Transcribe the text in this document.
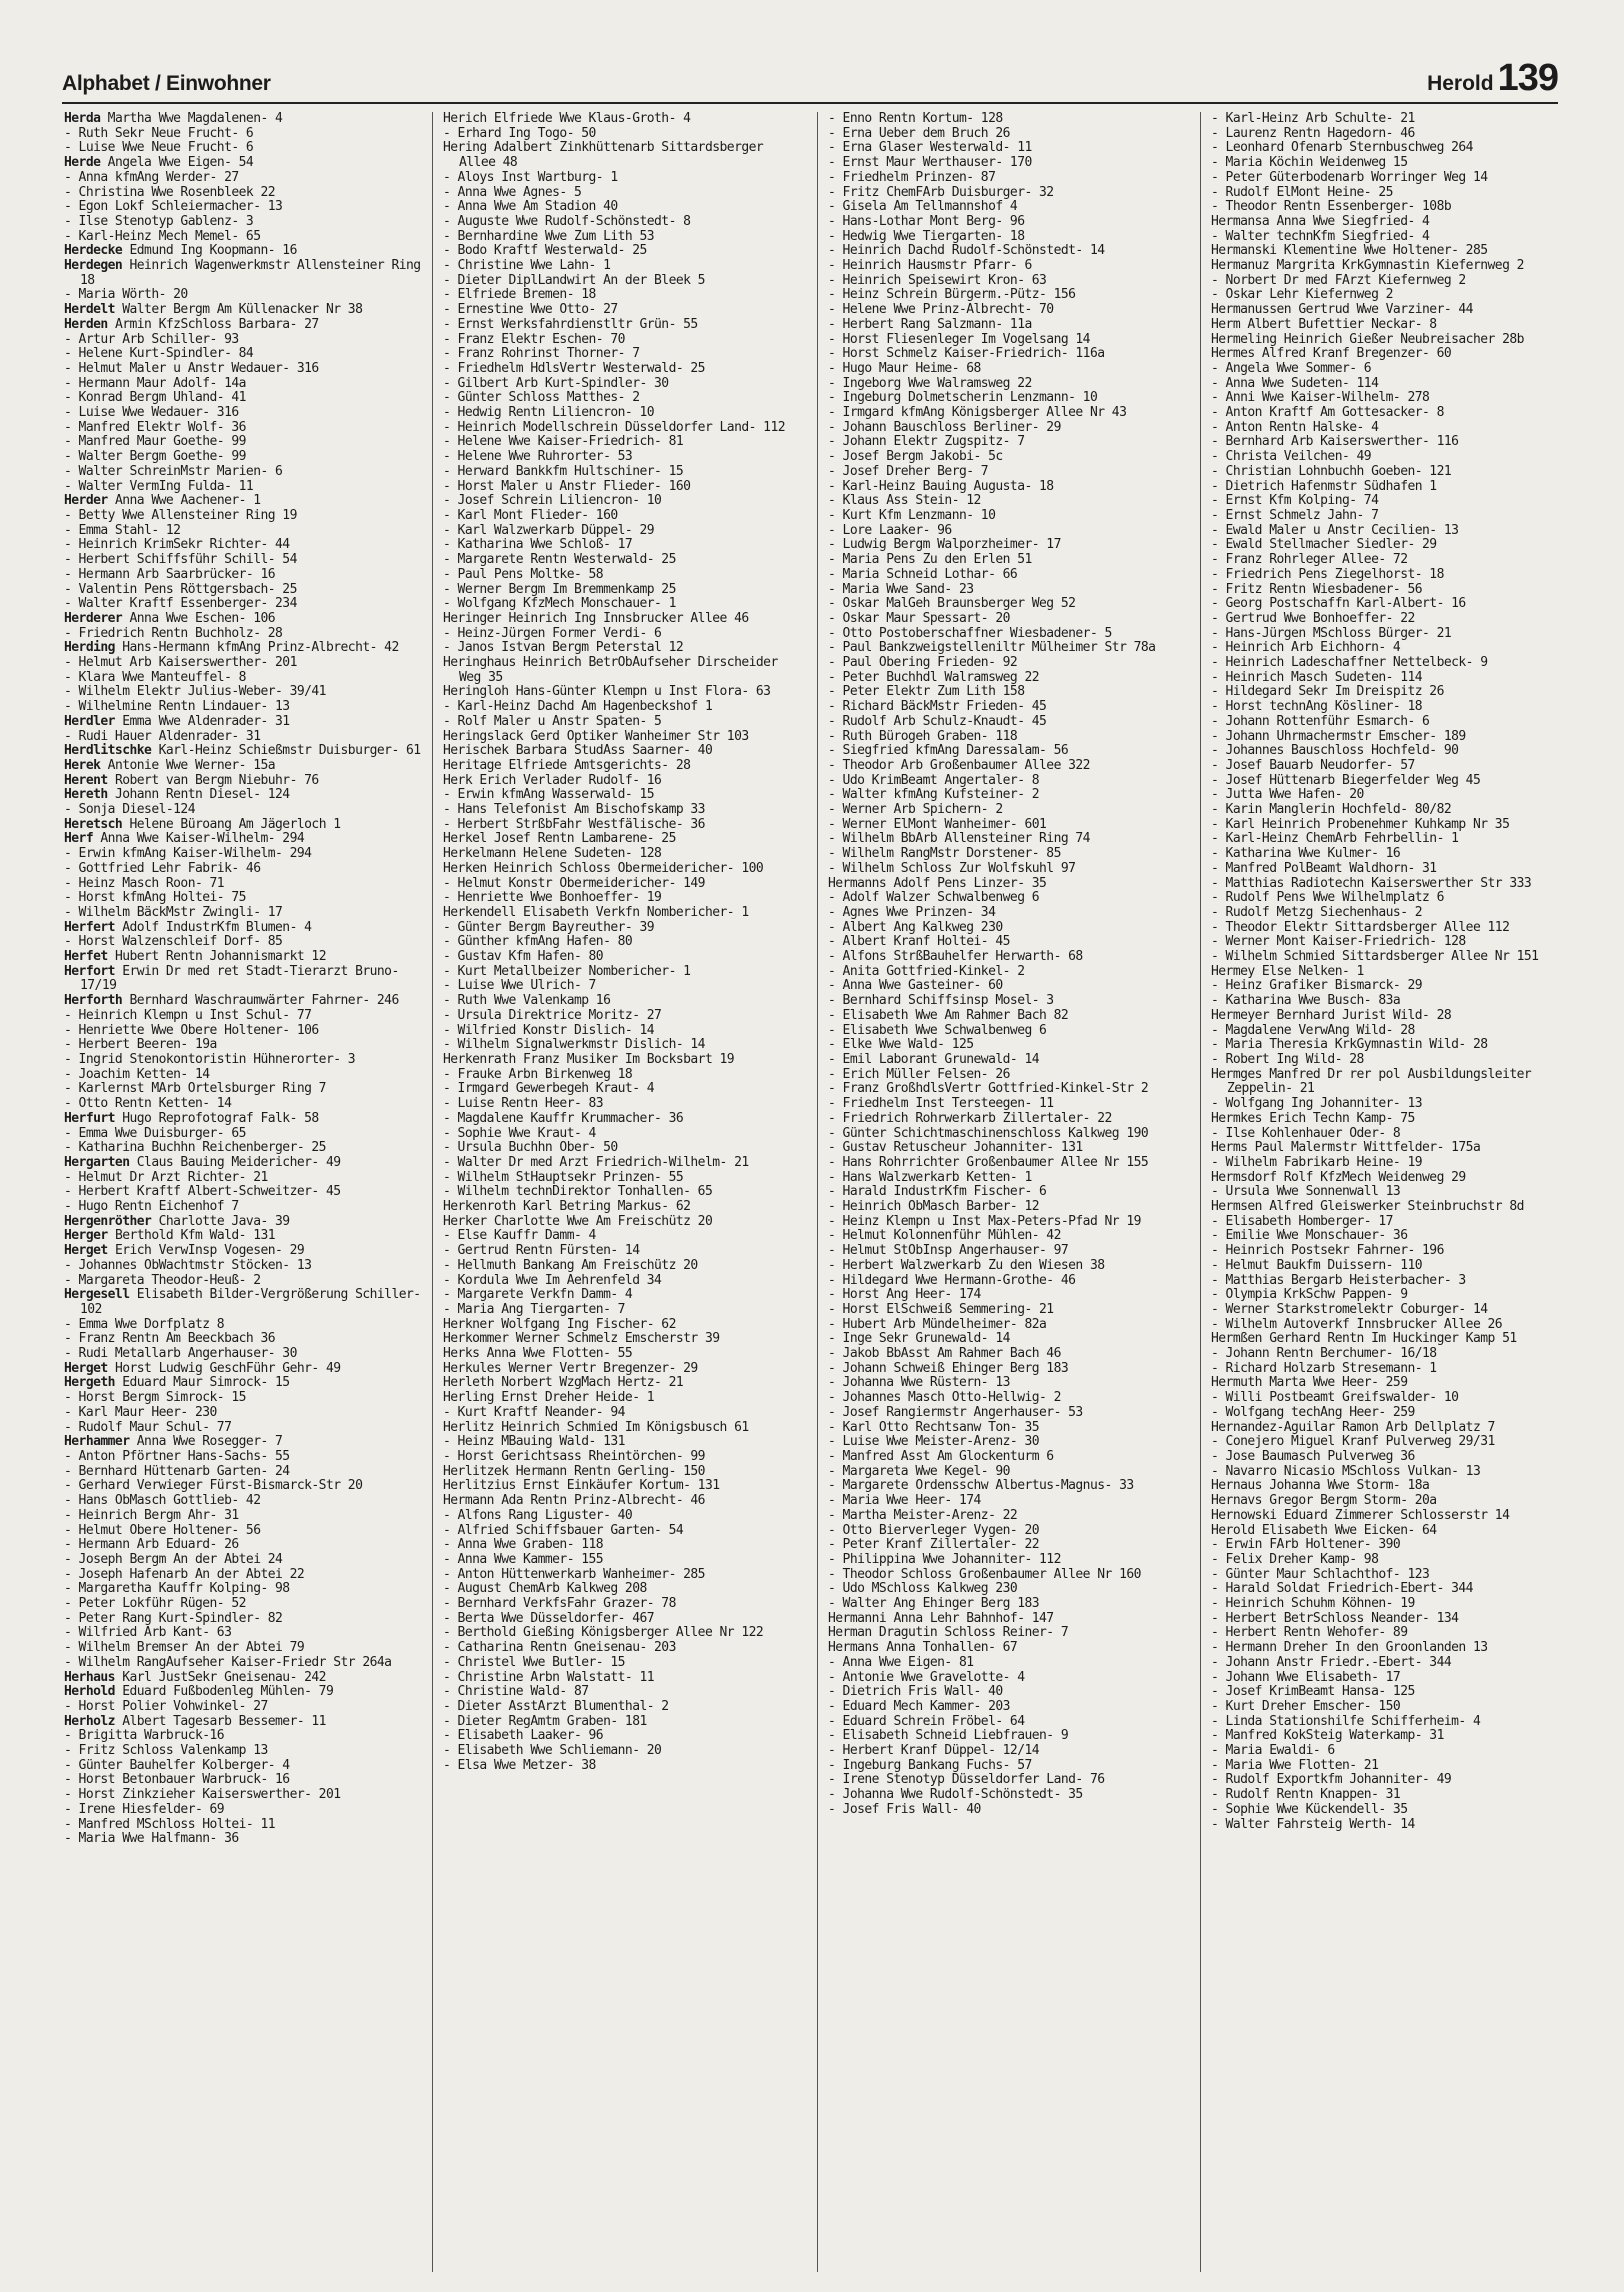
Alphabet / Einwohner	Herold 139

Herda Martha Wwe Magdalenen- 4

- Ruth Sekr Neue Frucht- 6

- Luise Wwe Neue Frucht- 6

Herde Angela Wwe Eigen- 54

- Anna kfmAng Werder- 27

- Christina Wwe Rosenbleek 22

- Egon Lokf Schleiermacher- 13

- Ilse Stenotyp Gablenz- 3

- Karl-Heinz Mech Memel- 65

Herdecke Edmund Ing Koopmann- 16

Herdegen Heinrich Wagenwerkmstr Allensteiner Ring 18

- Maria Wörth- 20

Herdelt Walter Bergm Am Küllenacker Nr 38

Herden Armin KfzSchloss Barbara- 27

- Artur Arb Schiller- 93

- Helene Kurt-Spindler- 84

- Helmut Maler u Anstr Wedauer- 316

- Hermann Maur Adolf- 14a

- Konrad Bergm Uhland- 41

- Luise Wwe Wedauer- 316

- Manfred Elektr Wolf- 36

- Manfred Maur Goethe- 99

- Walter Bergm Goethe- 99

- Walter SchreinMstr Marien- 6

- Walter VermIng Fulda- 11

Herder Anna Wwe Aachener- 1

- Betty Wwe Allensteiner Ring 19

- Emma Stahl- 12

- Heinrich KrimSekr Richter- 44

- Herbert Schiffsführ Schill- 54

- Hermann Arb Saarbrücker- 16

- Valentin Pens Röttgersbach- 25

- Walter Kraftf Essenberger- 234

Herderer Anna Wwe Eschen- 106

- Friedrich Rentn Buchholz- 28

Herding Hans-Hermann kfmAng Prinz-Albrecht- 42

- Helmut Arb Kaiserswerther- 201

- Klara Wwe Manteuffel- 8

- Wilhelm Elektr Julius-Weber- 39/41

- Wilhelmine Rentn Lindauer- 13

Herdler Emma Wwe Aldenrader- 31

- Rudi Hauer Aldenrader- 31

Herdlitschke Karl-Heinz Schießmstr Duisburger- 61

Herek Antonie Wwe Werner- 15a

Herent Robert van Bergm Niebuhr- 76

Hereth Johann Rentn Diesel- 124

- Sonja Diesel-124

Heretsch Helene Büroang Am Jägerloch 1

Herf Anna Wwe Kaiser-Wilhelm- 294

- Erwin kfmAng Kaiser-Wilhelm- 294

- Gottfried Lehr Fabrik- 46

- Heinz Masch Roon- 71

- Horst kfmAng Holtei- 75

- Wilhelm BäckMstr Zwingli- 17

Herfert Adolf IndustrKfm Blumen- 4

- Horst Walzenschleif Dorf- 85

Herfet Hubert Rentn Johannismarkt 12

Herfort Erwin Dr med ret Stadt-Tierarzt Bruno- 17/19

Herforth Bernhard Waschraumwärter Fahrner- 246

- Heinrich Klempn u Inst Schul- 77

- Henriette Wwe Obere Holtener- 106

- Herbert Beeren- 19a

- Ingrid Stenokontoristin Hühnerorter- 3

- Joachim Ketten- 14

- Karlernst MArb Ortelsburger Ring 7

- Otto Rentn Ketten- 14

Herfurt Hugo Reprofotograf Falk- 58

- Emma Wwe Duisburger- 65

- Katharina Buchhn Reichenberger- 25

Hergarten Claus Bauing Meidericher- 49

- Helmut Dr Arzt Richter- 21

- Herbert Kraftf Albert-Schweitzer- 45

- Hugo Rentn Eichenhof 7

Hergenröther Charlotte Java- 39

Herger Berthold Kfm Wald- 131

Herget Erich VerwInsp Vogesen- 29

- Johannes ObWachtmstr Stöcken- 13

- Margareta Theodor-Heuß- 2

Hergesell Elisabeth Bilder-Vergrößerung Schiller- 102

- Emma Wwe Dorfplatz 8

- Franz Rentn Am Beeckbach 36

- Rudi Metallarb Angerhauser- 30

Herget Horst Ludwig GeschFühr Gehr- 49

Hergeth Eduard Maur Simrock- 15

- Horst Bergm Simrock- 15

- Karl Maur Heer- 230

- Rudolf Maur Schul- 77

Herhammer Anna Wwe Rosegger- 7

- Anton Pförtner Hans-Sachs- 55

- Bernhard Hüttenarb Garten- 24

- Gerhard Verwieger Fürst-Bismarck-Str 20

- Hans ObMasch Gottlieb- 42

- Heinrich Bergm Ahr- 31

- Helmut Obere Holtener- 56

- Hermann Arb Eduard- 26

- Joseph Bergm An der Abtei 24

- Joseph Hafenarb An der Abtei 22

- Margaretha Kauffr Kolping- 98

- Peter Lokführ Rügen- 52

- Peter Rang Kurt-Spindler- 82

- Wilfried Arb Kant- 63

- Wilhelm Bremser An der Abtei 79

- Wilhelm RangAufseher Kaiser-Friedr Str 264a

Herhaus Karl JustSekr Gneisenau- 242

Herhold Eduard Fußbodenleg Mühlen- 79

- Horst Polier Vohwinkel- 27

Herholz Albert Tagesarb Bessemer- 11

- Brigitta Warbruck-16

- Fritz Schloss Valenkamp 13

- Günter Bauhelfer Kolberger- 4

- Horst Betonbauer Warbruck- 16

- Horst Zinkzieher Kaiserswerther- 201

- Irene Hiesfelder- 69

- Manfred MSchloss Holtei- 11

- Maria Wwe Halfmann- 36

Herich Elfriede Wwe Klaus-Groth- 4

- Erhard Ing Togo- 50

Hering Adalbert Zinkhüttenarb Sittardsberger Allee 48

- Aloys Inst Wartburg- 1

- Anna Wwe Agnes- 5

- Anna Wwe Am Stadion 40

- Auguste Wwe Rudolf-Schönstedt- 8

- Bernhardine Wwe Zum Lith 53

- Bodo Kraftf Westerwald- 25

- Christine Wwe Lahn- 1

- Dieter DiplLandwirt An der Bleek 5

- Elfriede Bremen- 18

- Ernestine Wwe Otto- 27

- Ernst Werksfahrdienstltr Grün- 55

- Franz Elektr Eschen- 70

- Franz Rohrinst Thorner- 7

- Friedhelm HdlsVertr Westerwald- 25

- Gilbert Arb Kurt-Spindler- 30

- Günter Schloss Matthes- 2

- Hedwig Rentn Liliencron- 10

- Heinrich Modellschrein Düsseldorfer Land- 112

- Helene Wwe Kaiser-Friedrich- 81

- Helene Wwe Ruhrorter- 53

- Herward Bankkfm Hultschiner- 15

- Horst Maler u Anstr Flieder- 160

- Josef Schrein Liliencron- 10

- Karl Mont Flieder- 160

- Karl Walzwerkarb Düppel- 29

- Katharina Wwe Schloß- 17

- Margarete Rentn Westerwald- 25

- Paul Pens Moltke- 58

- Werner Bergm Im Bremmenkamp 25

- Wolfgang KfzMech Monschauer- 1

Heringer Heinrich Ing Innsbrucker Allee 46

- Heinz-Jürgen Former Verdi- 6

- Janos Istvan Bergm Peterstal 12

Heringhaus Heinrich BetrObAufseher Dirscheider Weg 35

Heringloh Hans-Günter Klempn u Inst Flora- 63

- Karl-Heinz Dachd Am Hagenbeckshof 1

- Rolf Maler u Anstr Spaten- 5

Heringslack Gerd Optiker Wanheimer Str 103

Herischek Barbara StudAss Saarner- 40

Heritage Elfriede Amtsgerichts- 28

Herk Erich Verlader Rudolf- 16

- Erwin kfmAng Wasserwald- 15

- Hans Telefonist Am Bischofskamp 33

- Herbert StrßbFahr Westfälische- 36

Herkel Josef Rentn Lambarene- 25

Herkelmann Helene Sudeten- 128

Herken Heinrich Schloss Obermeidericher- 100

- Helmut Konstr Obermeidericher- 149

- Henriette Wwe Bonhoeffer- 19

Herkendell Elisabeth Verkfn Nombericher- 1

- Günter Bergm Bayreuther- 39

- Günther kfmAng Hafen- 80

- Gustav Kfm Hafen- 80

- Kurt Metallbeizer Nombericher- 1

- Luise Wwe Ulrich- 7

- Ruth Wwe Valenkamp 16

- Ursula Direktrice Moritz- 27

- Wilfried Konstr Dislich- 14

- Wilhelm Signalwerkmstr Dislich- 14

Herkenrath Franz Musiker Im Bocksbart 19

- Frauke Arbn Birkenweg 18

- Irmgard Gewerbegeh Kraut- 4

- Luise Rentn Heer- 83

- Magdalene Kauffr Krummacher- 36

- Sophie Wwe Kraut- 4

- Ursula Buchhn Ober- 50

- Walter Dr med Arzt Friedrich-Wilhelm- 21

- Wilhelm StHauptsekr Prinzen- 55

- Wilhelm technDirektor Tonhallen- 65

Herkenroth Karl Betring Markus- 62

Herker Charlotte Wwe Am Freischütz 20

- Else Kauffr Damm- 4

- Gertrud Rentn Fürsten- 14

- Hellmuth Bankang Am Freischütz 20

- Kordula Wwe Im Aehrenfeld 34

- Margarete Verkfn Damm- 4

- Maria Ang Tiergarten- 7

Herkner Wolfgang Ing Fischer- 62

Herkommer Werner Schmelz Emscherstr 39

Herks Anna Wwe Flotten- 55

Herkules Werner Vertr Bregenzer- 29

Herleth Norbert WzgMach Hertz- 21

Herling Ernst Dreher Heide- 1

- Kurt Kraftf Neander- 94

Herlitz Heinrich Schmied Im Königsbusch 61

- Heinz MBauing Wald- 131

- Horst Gerichtsass Rheintörchen- 99

Herlitzek Hermann Rentn Gerling- 150

Herlitzius Ernst Einkäufer Kortum- 131

Hermann Ada Rentn Prinz-Albrecht- 46

- Alfons Rang Liguster- 40

- Alfried Schiffsbauer Garten- 54

- Anna Wwe Graben- 118

- Anna Wwe Kammer- 155

- Anton Hüttenwerkarb Wanheimer- 285

- August ChemArb Kalkweg 208

- Bernhard VerkfsFahr Grazer- 78

- Berta Wwe Düsseldorfer- 467

- Berthold Gießing Königsberger Allee Nr 122

- Catharina Rentn Gneisenau- 203

- Christel Wwe Butler- 15

- Christine Arbn Walstatt- 11

- Christine Wald- 87

- Dieter AsstArzt Blumenthal- 2

- Dieter RegAmtm Graben- 181

- Elisabeth Laaker- 96

- Elisabeth Wwe Schliemann- 20

- Elsa Wwe Metzer- 38

- Enno Rentn Kortum- 128

- Erna Ueber dem Bruch 26

- Erna Glaser Westerwald- 11

- Ernst Maur Werthauser- 170

- Friedhelm Prinzen- 87

- Fritz ChemFArb Duisburger- 32

- Gisela Am Tellmannshof 4

- Hans-Lothar Mont Berg- 96

- Hedwig Wwe Tiergarten- 18

- Heinrich Dachd Rudolf-Schönstedt- 14

- Heinrich Hausmstr Pfarr- 6

- Heinrich Speisewirt Kron- 63

- Heinz Schrein Bürgerm.-Pütz- 156

- Helene Wwe Prinz-Albrecht- 70

- Herbert Rang Salzmann- 11a

- Horst Fliesenleger Im Vogelsang 14

- Horst Schmelz Kaiser-Friedrich- 116a

- Hugo Maur Heime- 68

- Ingeborg Wwe Walramsweg 22

- Ingeburg Dolmetscherin Lenzmann- 10

- Irmgard kfmAng Königsberger Allee Nr 43

- Johann Bauschloss Berliner- 29

- Johann Elektr Zugspitz- 7

- Josef Bergm Jakobi- 5c

- Josef Dreher Berg- 7

- Karl-Heinz Bauing Augusta- 18

- Klaus Ass Stein- 12

- Kurt Kfm Lenzmann- 10

- Lore Laaker- 96

- Ludwig Bergm Walporzheimer- 17

- Maria Pens Zu den Erlen 51

- Maria Schneid Lothar- 66

- Maria Wwe Sand- 23

- Oskar MalGeh Braunsberger Weg 52

- Oskar Maur Spessart- 20

- Otto Postoberschaffner Wiesbadener- 5

- Paul Bankzweigstelleniltr Mülheimer Str 78a

- Paul Obering Frieden- 92

- Peter Buchhdl Walramsweg 22

- Peter Elektr Zum Lith 158

- Richard BäckMstr Frieden- 45

- Rudolf Arb Schulz-Knaudt- 45

- Ruth Bürogeh Graben- 118

- Siegfried kfmAng Daressalam- 56

- Theodor Arb Großenbaumer Allee 322

- Udo KrimBeamt Angertaler- 8

- Walter kfmAng Kufsteiner- 2

- Werner Arb Spichern- 2

- Werner ElMont Wanheimer- 601

- Wilhelm BbArb Allensteiner Ring 74

- Wilhelm RangMstr Dorstener- 85

- Wilhelm Schloss Zur Wolfskuhl 97

Hermanns Adolf Pens Linzer- 35

- Adolf Walzer Schwalbenweg 6

- Agnes Wwe Prinzen- 34

- Albert Ang Kalkweg 230

- Albert Kranf Holtei- 45

- Alfons StrßBauhelfer Herwarth- 68

- Anita Gottfried-Kinkel- 2

- Anna Wwe Gasteiner- 60

- Bernhard Schiffsinsp Mosel- 3

- Elisabeth Wwe Am Rahmer Bach 82

- Elisabeth Wwe Schwalbenweg 6

- Elke Wwe Wald- 125

- Emil Laborant Grunewald- 14

- Erich Müller Felsen- 26

- Franz GroßhdlsVertr Gottfried-Kinkel-Str 2

- Friedhelm Inst Tersteegen- 11

- Friedrich Rohrwerkarb Zillertaler- 22

- Günter Schichtmaschinenschloss Kalkweg 190

- Gustav Retuscheur Johanniter- 131

- Hans Rohrrichter Großenbaumer Allee Nr 155

- Hans Walzwerkarb Ketten- 1

- Harald IndustrKfm Fischer- 6

- Heinrich ObMasch Barber- 12

- Heinz Klempn u Inst Max-Peters-Pfad Nr 19

- Helmut Kolonnenführ Mühlen- 42

- Helmut StObInsp Angerhauser- 97

- Herbert Walzwerkarb Zu den Wiesen 38

- Hildegard Wwe Hermann-Grothe- 46

- Horst Ang Heer- 174

- Horst ElSchweiß Semmering- 21

- Hubert Arb Mündelheimer- 82a

- Inge Sekr Grunewald- 14

- Jakob BbAsst Am Rahmer Bach 46

- Johann Schweiß Ehinger Berg 183

- Johanna Wwe Rüstern- 13

- Johannes Masch Otto-Hellwig- 2

- Josef Rangiermstr Angerhauser- 53

- Karl Otto Rechtsanw Ton- 35

- Luise Wwe Meister-Arenz- 30

- Manfred Asst Am Glockenturm 6

- Margareta Wwe Kegel- 90

- Margarete Ordensschw Albertus-Magnus- 33

- Maria Wwe Heer- 174

- Martha Meister-Arenz- 22

- Otto Bierverleger Vygen- 20

- Peter Kranf Zillertaler- 22

- Philippina Wwe Johanniter- 112

- Theodor Schloss Großenbaumer Allee Nr 160

- Udo MSchloss Kalkweg 230

- Walter Ang Ehinger Berg 183

Hermanni Anna Lehr Bahnhof- 147

Herman Dragutin Schloss Reiner- 7

Hermans Anna Tonhallen- 67

- Anna Wwe Eigen- 81

- Antonie Wwe Gravelotte- 4

- Dietrich Fris Wall- 40

- Eduard Mech Kammer- 203

- Eduard Schrein Fröbel- 64

- Elisabeth Schneid Liebfrauen- 9

- Herbert Kranf Düppel- 12/14

- Ingeburg Bankang Fuchs- 57

- Irene Stenotyp Düsseldorfer Land- 76

- Johanna Wwe Rudolf-Schönstedt- 35

- Josef Fris Wall- 40

- Karl-Heinz Arb Schulte- 21

- Laurenz Rentn Hagedorn- 46

- Leonhard Ofenarb Sternbuschweg 264

- Maria Köchin Weidenweg 15

- Peter Güterbodenarb Worringer Weg 14

- Rudolf ElMont Heine- 25

- Theodor Rentn Essenberger- 108b

Hermansa Anna Wwe Siegfried- 4

- Walter technKfm Siegfried- 4

Hermanski Klementine Wwe Holtener- 285

Hermanuz Margrita KrkGymnastin Kiefernweg 2

- Norbert Dr med FArzt Kiefernweg 2

- Oskar Lehr Kiefernweg 2

Hermanussen Gertrud Wwe Varziner- 44

Herm Albert Bufettier Neckar- 8

Hermeling Heinrich Gießer Neubreisacher 28b

Hermes Alfred Kranf Bregenzer- 60

- Angela Wwe Sommer- 6

- Anna Wwe Sudeten- 114

- Anni Wwe Kaiser-Wilhelm- 278

- Anton Kraftf Am Gottesacker- 8

- Anton Rentn Halske- 4

- Bernhard Arb Kaiserswerther- 116

- Christa Veilchen- 49

- Christian Lohnbuchh Goeben- 121

- Dietrich Hafenmstr Südhafen 1

- Ernst Kfm Kolping- 74

- Ernst Schmelz Jahn- 7

- Ewald Maler u Anstr Cecilien- 13

- Ewald Stellmacher Siedler- 29

- Franz Rohrleger Allee- 72

- Friedrich Pens Ziegelhorst- 18

- Fritz Rentn Wiesbadener- 56

- Georg Postschaffn Karl-Albert- 16

- Gertrud Wwe Bonhoeffer- 22

- Hans-Jürgen MSchloss Bürger- 21

- Heinrich Arb Eichhorn- 4

- Heinrich Ladeschaffner Nettelbeck- 9

- Heinrich Masch Sudeten- 114

- Hildegard Sekr Im Dreispitz 26

- Horst technAng Kösliner- 18

- Johann Rottenführ Esmarch- 6

- Johann Uhrmachermstr Emscher- 189

- Johannes Bauschloss Hochfeld- 90

- Josef Bauarb Neudorfer- 57

- Josef Hüttenarb Biegerfelder Weg 45

- Jutta Wwe Hafen- 20

- Karin Manglerin Hochfeld- 80/82

- Karl Heinrich Probenehmer Kuhkamp Nr 35

- Karl-Heinz ChemArb Fehrbellin- 1

- Katharina Wwe Kulmer- 16

- Manfred PolBeamt Waldhorn- 31

- Matthias Radiotechn Kaiserswerther Str 333

- Rudolf Pens Wwe Wilhelmplatz 6

- Rudolf Metzg Siechenhaus- 2

- Theodor Elektr Sittardsberger Allee 112

- Werner Mont Kaiser-Friedrich- 128

- Wilhelm Schmied Sittardsberger Allee Nr 151

Hermey Else Nelken- 1

- Heinz Grafiker Bismarck- 29

- Katharina Wwe Busch- 83a

Hermeyer Bernhard Jurist Wild- 28

- Magdalene VerwAng Wild- 28

- Maria Theresia KrkGymnastin Wild- 28

- Robert Ing Wild- 28

Hermges Manfred Dr rer pol Ausbildungsleiter Zeppelin- 21

- Wolfgang Ing Johanniter- 13

Hermkes Erich Techn Kamp- 75

- Ilse Kohlenhauer Oder- 8

Herms Paul Malermstr Wittfelder- 175a

- Wilhelm Fabrikarb Heine- 19

Hermsdorf Rolf KfzMech Weidenweg 29

- Ursula Wwe Sonnenwall 13

Hermsen Alfred Gleiswerker Steinbruchstr 8d

- Elisabeth Homberger- 17

- Emilie Wwe Monschauer- 36

- Heinrich Postsekr Fahrner- 196

- Helmut Baukfm Duissern- 110

- Matthias Bergarb Heisterbacher- 3

- Olympia KrkSchw Pappen- 9

- Werner Starkstromelektr Coburger- 14

- Wilhelm Autoverkf Innsbrucker Allee 26

Hermßen Gerhard Rentn Im Huckinger Kamp 51

- Johann Rentn Berchumer- 16/18

- Richard Holzarb Stresemann- 1

Hermuth Marta Wwe Heer- 259

- Willi Postbeamt Greifswalder- 10

- Wolfgang techAng Heer- 259

Hernandez-Aguilar Ramon Arb Dellplatz 7

- Conejero Miguel Kranf Pulverweg 29/31

- Jose Baumasch Pulverweg 36

- Navarro Nicasio MSchloss Vulkan- 13

Hernaus Johanna Wwe Storm- 18a

Hernavs Gregor Bergm Storm- 20a

Hernowski Eduard Zimmerer Schlosserstr 14

Herold Elisabeth Wwe Eicken- 64

- Erwin FArb Holtener- 390

- Felix Dreher Kamp- 98

- Günter Maur Schlachthof- 123

- Harald Soldat Friedrich-Ebert- 344

- Heinrich Schuhm Köhnen- 19

- Herbert BetrSchloss Neander- 134

- Herbert Rentn Wehofer- 89

- Hermann Dreher In den Groonlanden 13

- Johann Anstr Friedr.-Ebert- 344

- Johann Wwe Elisabeth- 17

- Josef KrimBeamt Hansa- 125

- Kurt Dreher Emscher- 150

- Linda Stationshilfe Schifferheim- 4

- Manfred KokSteig Waterkamp- 31

- Maria Ewaldi- 6

- Maria Wwe Flotten- 21

- Rudolf Exportkfm Johanniter- 49

- Rudolf Rentn Knappen- 31

- Sophie Wwe Kückendell- 35

- Walter Fahrsteig Werth- 14
